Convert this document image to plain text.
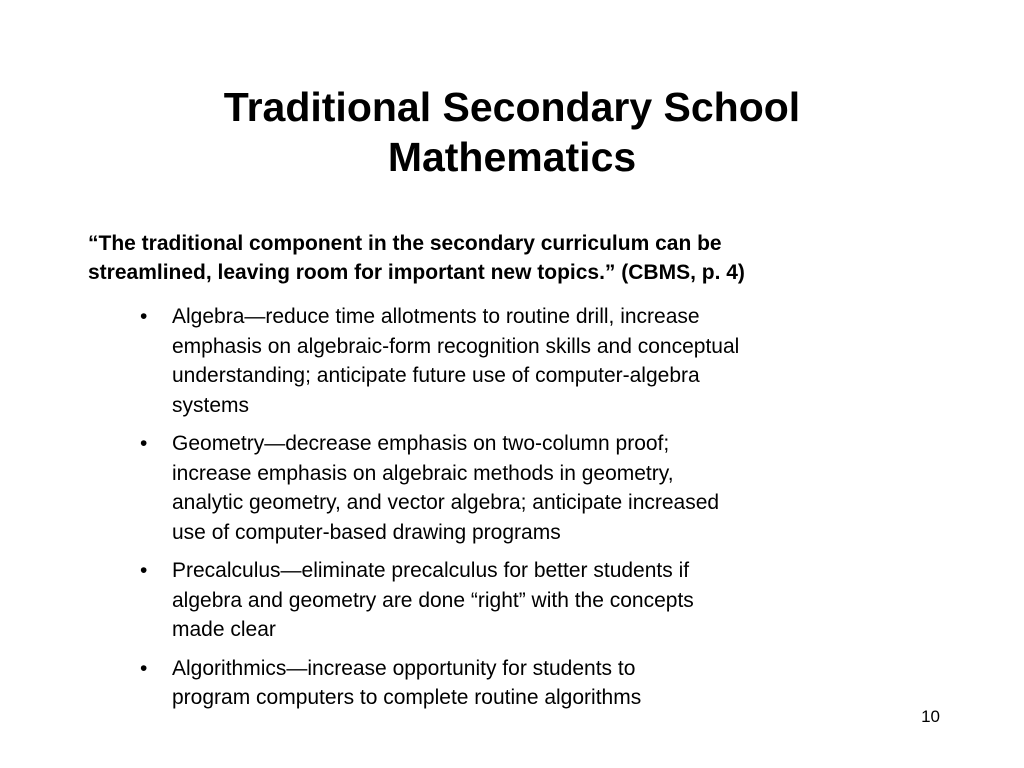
Traditional Secondary School
Mathematics

“The traditional component in the secondary curriculum can be
streamlined, leaving room for important new topics.” (CBMS, p. 4)

•	Algebra—reduce time allotments to routine drill, increase
emphasis on algebraic-form recognition skills and conceptual
understanding; anticipate future use of computer-algebra
systems
•	Geometry—decrease emphasis on two-column proof;
increase emphasis on algebraic methods in geometry,
analytic geometry, and vector algebra; anticipate increased
use of computer-based drawing programs
•	Precalculus—eliminate precalculus for better students if
algebra and geometry are done “right” with the concepts
made clear
•	Algorithmics—increase opportunity for students to
program computers to complete routine algorithms
10
